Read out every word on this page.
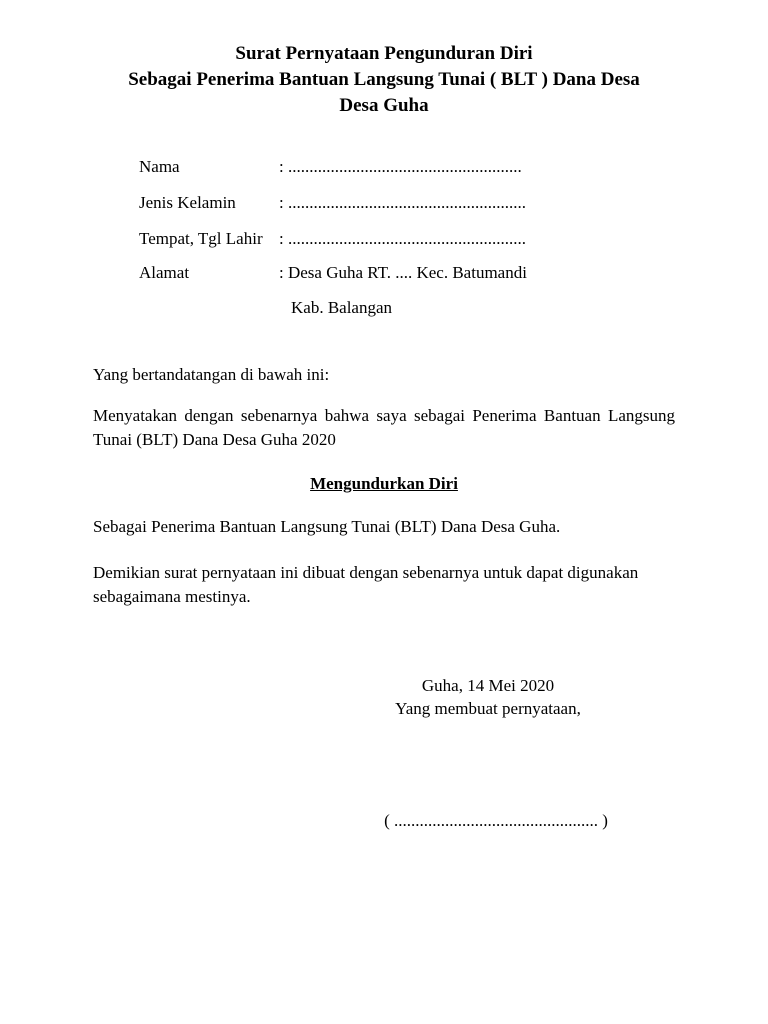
Surat Pernyataan Pengunduran Diri
Sebagai Penerima Bantuan Langsung Tunai ( BLT ) Dana Desa
Desa Guha
Nama	: .......................................................
Jenis Kelamin	: ........................................................
Tempat, Tgl Lahir : ........................................................
Alamat	: Desa Guha RT. .... Kec. Batumandi
Kab. Balangan
Yang bertandatangan di bawah ini:
Menyatakan dengan sebenarnya bahwa saya sebagai Penerima Bantuan Langsung Tunai (BLT) Dana Desa Guha 2020
Mengundurkan Diri
Sebagai Penerima Bantuan Langsung Tunai (BLT) Dana Desa Guha.
Demikian surat pernyataan ini dibuat dengan sebenarnya untuk dapat digunakan sebagaimana mestinya.
Guha, 14 Mei 2020
Yang membuat pernyataan,
( ................................................ )
